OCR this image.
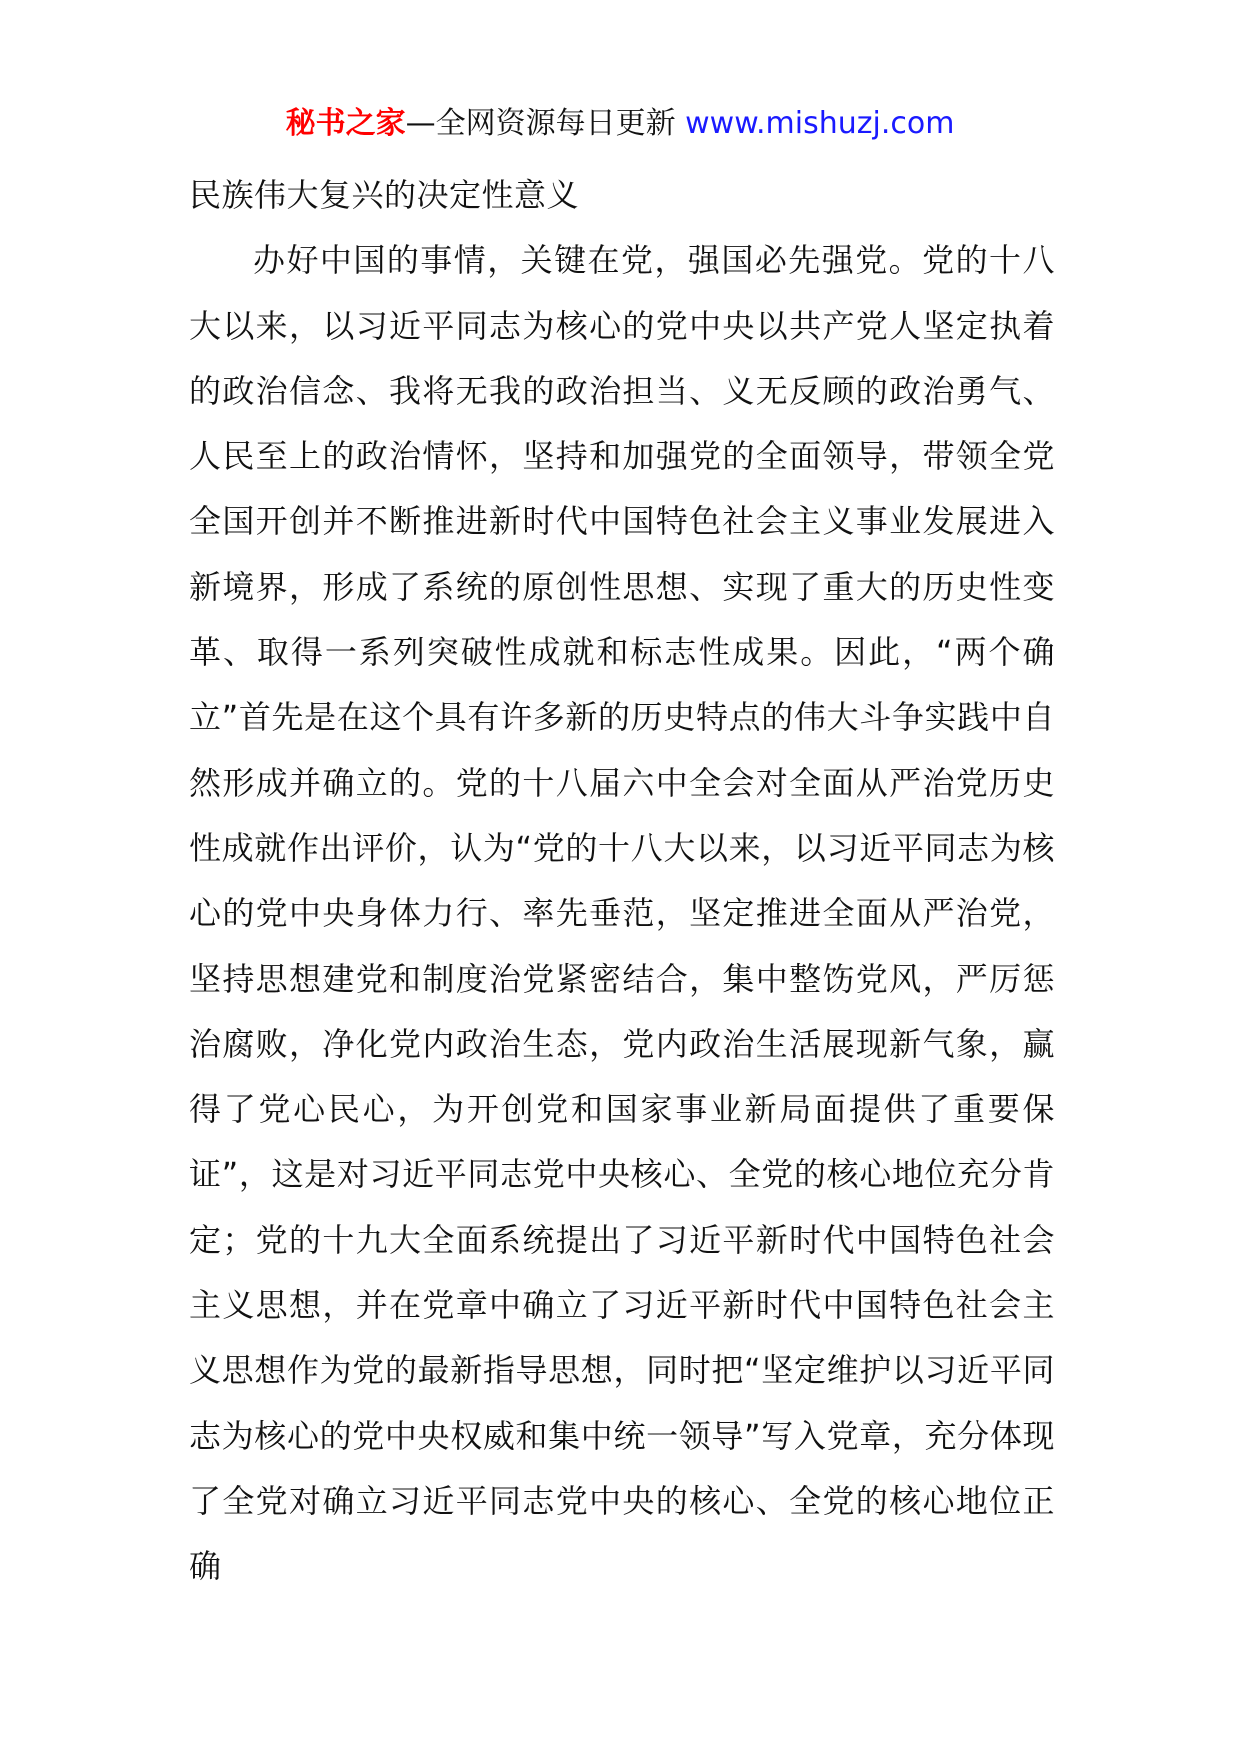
秘书之家—全网资源每日更新 www.mishuzj.com

民族伟大复兴的决定性意义

办好中国的事情，关键在党，强国必先强党。党的十八大以来，以习近平同志为核心的党中央以共产党人坚定执着的政治信念、我将无我的政治担当、义无反顾的政治勇气、人民至上的政治情怀，坚持和加强党的全面领导，带领全党全国开创并不断推进新时代中国特色社会主义事业发展进入新境界，形成了系统的原创性思想、实现了重大的历史性变革、取得一系列突破性成就和标志性成果。因此，“两个确立”首先是在这个具有许多新的历史特点的伟大斗争实践中自然形成并确立的。党的十八届六中全会对全面从严治党历史性成就作出评价，认为“党的十八大以来，以习近平同志为核心的党中央身体力行、率先垂范，坚定推进全面从严治党，坚持思想建党和制度治党紧密结合，集中整饬党风，严厉惩治腐败，净化党内政治生态，党内政治生活展现新气象，赢得了党心民心，为开创党和国家事业新局面提供了重要保证”，这是对习近平同志党中央核心、全党的核心地位充分肯定；党的十九大全面系统提出了习近平新时代中国特色社会主义思想，并在党章中确立了习近平新时代中国特色社会主义思想作为党的最新指导思想，同时把“坚定维护以习近平同志为核心的党中央权威和集中统一领导”写入党章，充分体现了全党对确立习近平同志党中央的核心、全党的核心地位正确
